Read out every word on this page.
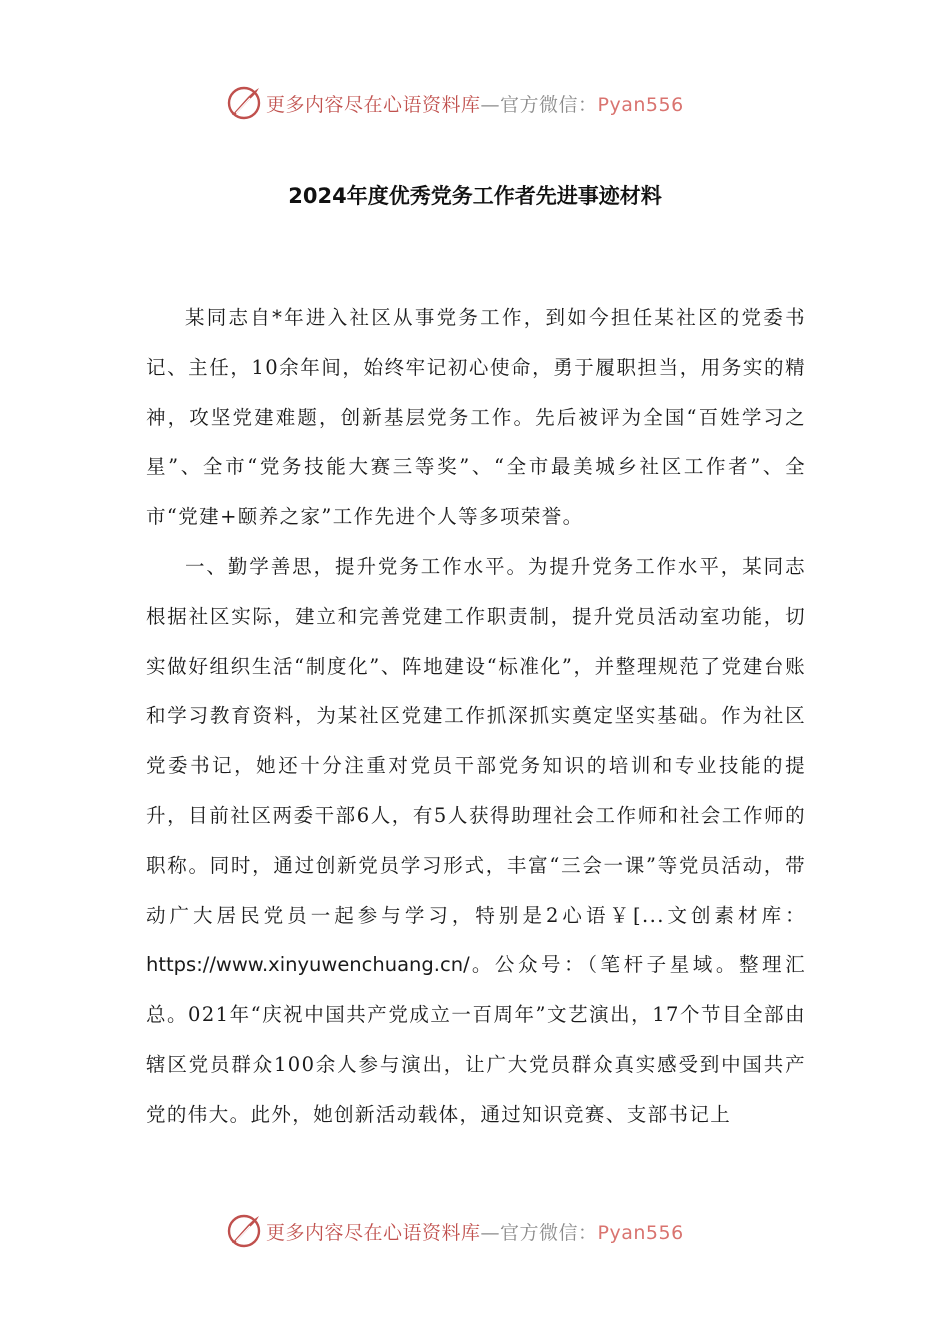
更多内容尽在心语资料库—官方微信：Pyan556
2024年度优秀党务工作者先进事迹材料

某同志自*年进入社区从事党务工作，到如今担任某社区的党委书记、主任，10余年间，始终牢记初心使命，勇于履职担当，用务实的精神，攻坚党建难题，创新基层党务工作。先后被评为全国“百姓学习之星”、全市“党务技能大赛三等奖”、“全市最美城乡社区工作者”、全市“党建+颐养之家”工作先进个人等多项荣誉。

一、勤学善思，提升党务工作水平。为提升党务工作水平，某同志根据社区实际，建立和完善党建工作职责制，提升党员活动室功能，切实做好组织生活“制度化”、阵地建设“标准化”，并整理规范了党建台账和学习教育资料，为某社区党建工作抓深抓实奠定坚实基础。作为社区党委书记，她还十分注重对党员干部党务知识的培训和专业技能的提升，目前社区两委干部6人，有5人获得助理社会工作师和社会工作师的职称。同时，通过创新党员学习形式，丰富“三会一课”等党员活动，带动广大居民党员一起参与学习，特别是2心语￥[...文创素材库：https://www.xinyuwenchuang.cn/。公众号：（笔杆子星域。整理汇总。021年“庆祝中国共产党成立一百周年”文艺演出，17个节目全部由辖区党员群众100余人参与演出，让广大党员群众真实感受到中国共产党的伟大。此外，她创新活动载体，通过知识竞赛、支部书记上

更多内容尽在心语资料库—官方微信：Pyan556
